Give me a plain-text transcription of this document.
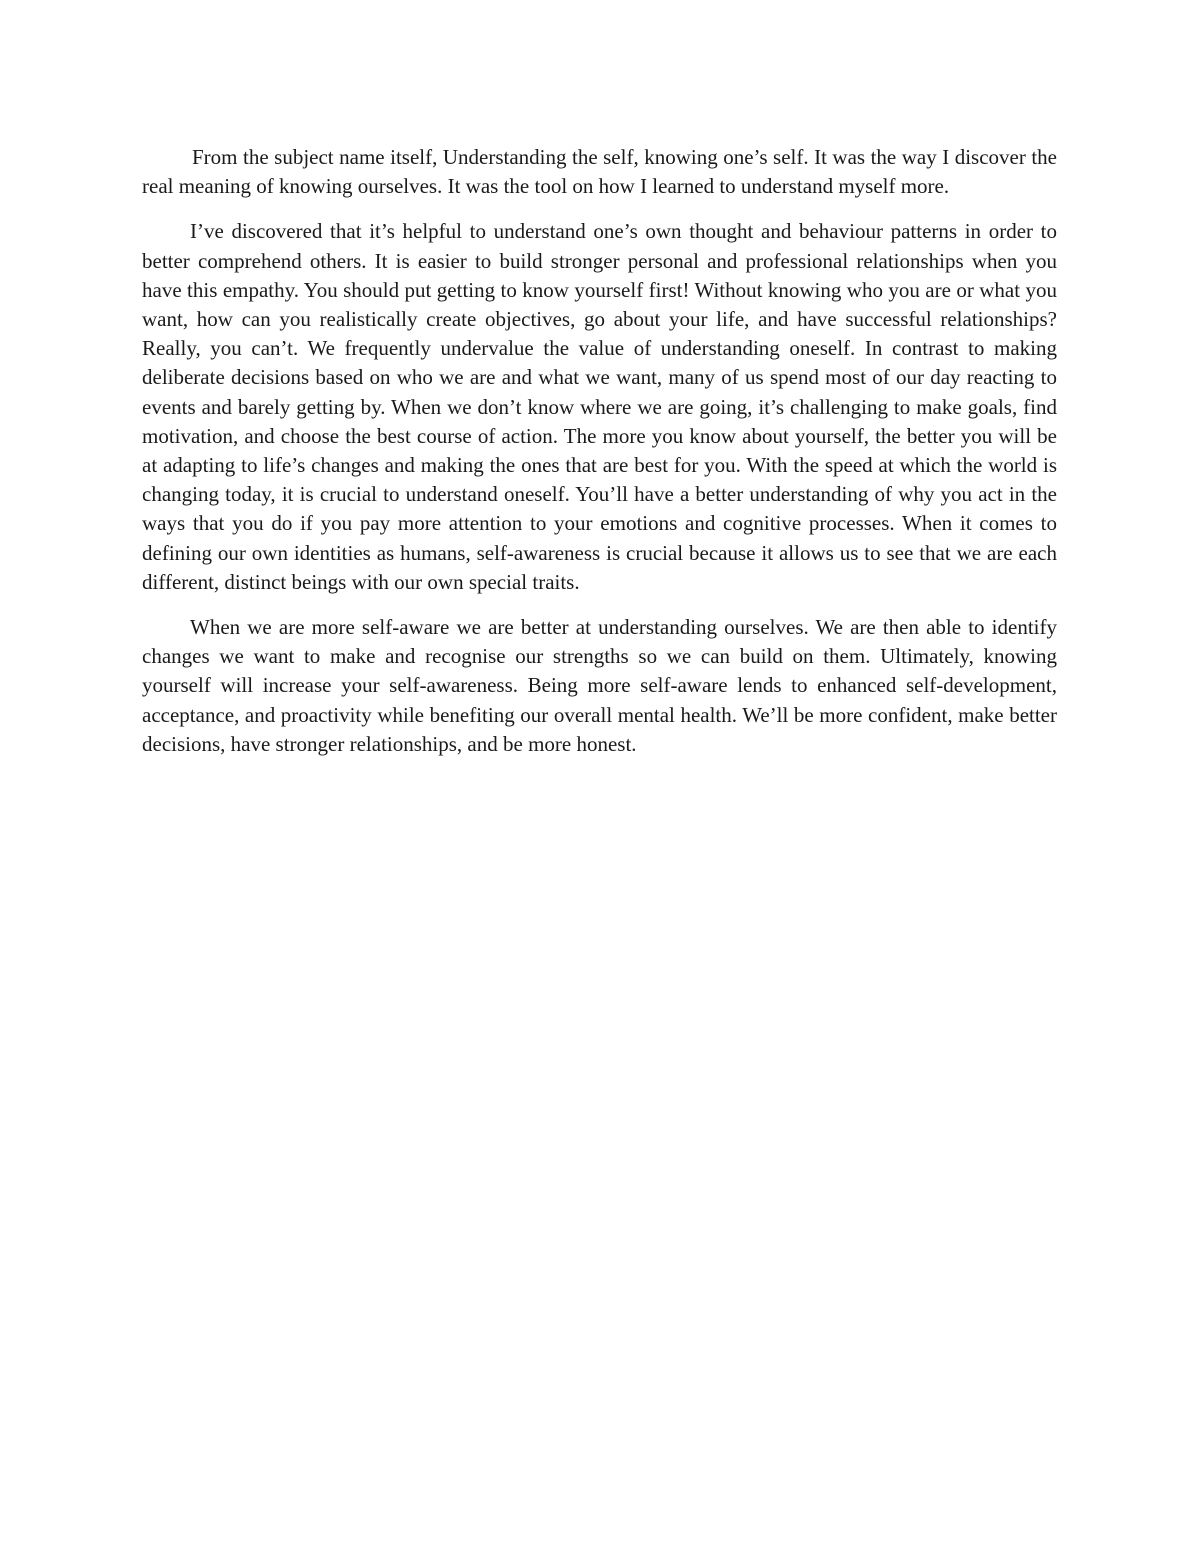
From the subject name itself, Understanding the self, knowing one’s self. It was the way I discover the real meaning of knowing ourselves. It was the tool on how I learned to understand myself more.

I’ve discovered that it’s helpful to understand one’s own thought and behaviour patterns in order to better comprehend others. It is easier to build stronger personal and professional relationships when you have this empathy. You should put getting to know yourself first! Without knowing who you are or what you want, how can you realistically create objectives, go about your life, and have successful relationships? Really, you can’t. We frequently undervalue the value of understanding oneself. In contrast to making deliberate decisions based on who we are and what we want, many of us spend most of our day reacting to events and barely getting by. When we don’t know where we are going, it’s challenging to make goals, find motivation, and choose the best course of action. The more you know about yourself, the better you will be at adapting to life’s changes and making the ones that are best for you. With the speed at which the world is changing today, it is crucial to understand oneself. You’ll have a better understanding of why you act in the ways that you do if you pay more attention to your emotions and cognitive processes. When it comes to defining our own identities as humans, self-awareness is crucial because it allows us to see that we are each different, distinct beings with our own special traits.

When we are more self-aware we are better at understanding ourselves. We are then able to identify changes we want to make and recognise our strengths so we can build on them. Ultimately, knowing yourself will increase your self-awareness. Being more self-aware lends to enhanced self-development, acceptance, and proactivity while benefiting our overall mental health. We’ll be more confident, make better decisions, have stronger relationships, and be more honest.
